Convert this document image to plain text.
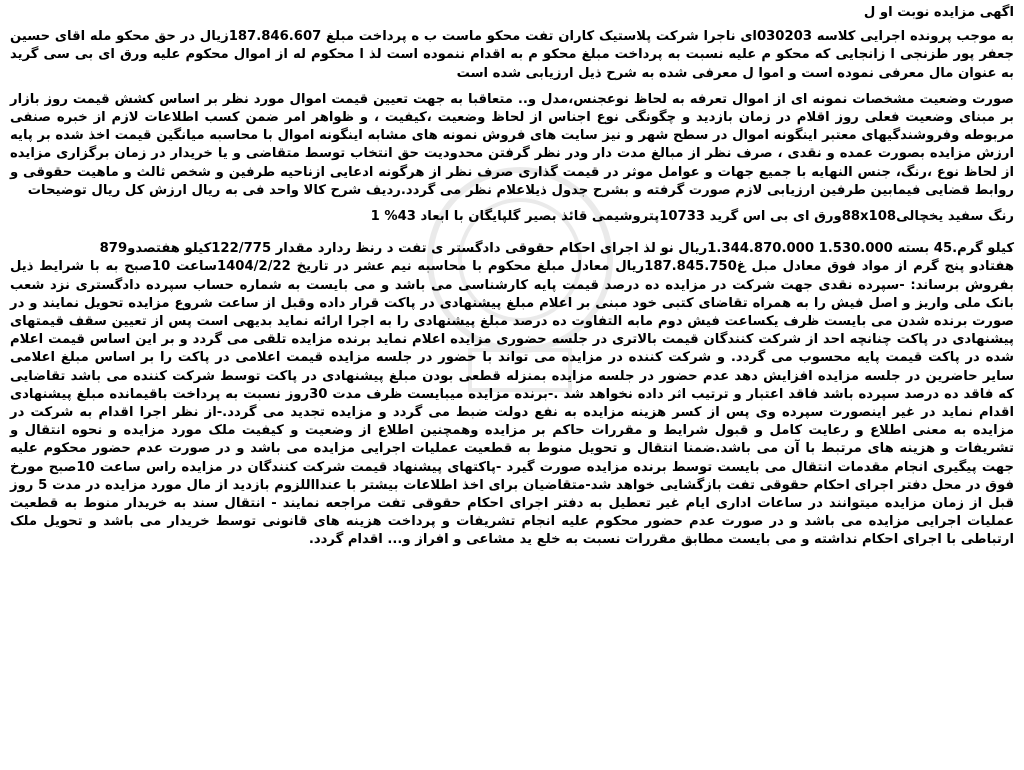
اگهی مزایده نوبت او ل

به موجب پرونده اجرایی کلاسه 030203ای ناجرا شرکت پلاستیک کاران تفت محکو ماست ب ه پرداخت مبلغ 187.846.607زیال در حق محکو مله اقای حسین جعفر پور طزنجی ا زانجایی که محکو م علیه نسبت به پرداخت مبلغ محکو م به اقدام ننموده است لذ ا محکوم له از اموال محکوم علیه ورق ای بی سی گرید به عنوان مال معرفی نموده است و اموا ل معرفی شده به شرح ذیل ارزیابی شده است

صورت وضعیت مشخصات نمونه ای از اموال تعرفه به لحاظ نوعجنس،مدل و.. متعاقبا به جهت تعیین قیمت اموال مورد نظر بر اساس کشش قیمت روز بازار بر مبنای وضعیت فعلی روز اقلام در زمان بازدید و چگونگی نوع اجناس از لحاظ وضعیت ،کیفیت ، و ظواهر امر ضمن کسب اطلاعات لازم از خبره صنفی مربوطه وفروشندگیهای معتبر اینگونه اموال در سطح شهر و نیز سایت های فروش نمونه های مشابه اینگونه اموال با محاسبه میانگین قیمت اخذ شده بر پایه ارزش مزایده بصورت عمده و نقدی ، صرف نظر از مبالغ مدت دار ودر نظر گرفتن محدودیت حق انتخاب توسط متقاضی و یا خریدار در زمان برگزاری مزایده از لحاظ نوع ،رنگ، جنس النهایه با جمیع جهات و عوامل موثر در قیمت گذاری صرف نظر از هرگونه ادعایی ازناحیه طرفین و شخص ثالث و ماهیت حقوقی و روابط قضایی فیمابین طرفین ارزیابی لازم صورت گرفته و بشرح جدول ذیلاعلام نظر می گردد.ردیف شرح کالا واحد فی به ریال ارزش کل ریال توضیحات

رنگ سفید یخچالی88x108ورق ای بی اس گرید 10733پتروشیمی قائذ بصیر گلپایگان با ابعاد 43% 1

کیلو گرم.45 بسته 1.530.000 1.344.870.000ریال نو لذ اجرای احکام حقوقی دادگستر ی تفت د رنظ ردارد مقدار 122/775کیلو هفتصدو879

هفتادو پنج گرم از مواد فوق معادل مبل غ187.845.750ریال معادل مبلغ محکوم با محاسبه نیم عشر در تاریخ 1404/2/22ساعت 10صبح به با شرایط ذیل بفروش برساند: -سپرده نقدی جهت شرکت در مزایده ده درصد قیمت پایه کارشناسی می باشد و می بایست به شماره حساب سپرده دادگستری نزد شعب بانک ملی واریز و اصل فیش را به همراه تقاضای کتبی خود مبنی بر اعلام مبلغ پیشنهادی در پاکت قرار داده وقبل از ساعت شروع مزایده تحویل نمایند و در صورت برنده شدن می بایست ظرف یکساعت فیش دوم مابه التفاوت ده درصد مبلغ پیشنهادی را به اجرا ارائه نماید بدیهی است پس از تعیین سقف قیمتهای پیشنهادی در پاکت چنانچه احد از شرکت کنندگان قیمت بالاتری در جلسه حضوری مزایده اعلام نماید برنده مزایده تلقی می گردد و بر این اساس قیمت اعلام شده در پاکت قیمت پایه محسوب می گردد. و شرکت کننده در مزایده می تواند با حضور در جلسه مزایده قیمت اعلامی در پاکت را بر اساس مبلغ اعلامی سایر حاضرین در جلسه مزایده افزایش دهد عدم حضور در جلسه مزایده بمنزله قطعی بودن مبلغ پیشنهادی در پاکت توسط شرکت کننده می باشد تقاضایی که فاقد ده درصد سپرده باشد فاقد اعتبار و ترتیب اثر داده نخواهد شد .-برنده مزایده میبایست ظرف مدت 30روز نسبت به پرداخت باقیمانده مبلغ پیشنهادی اقدام نماید در غیر اینصورت سپرده وی پس از کسر هزینه مزایده به نفع دولت ضبط می گردد و مزایده تجدید می گردد.-از نظر اجرا اقدام به شرکت در مزایده به معنی اطلاع و رعایت کامل و قبول شرایط و مقررات حاکم بر مزایده وهمچنین اطلاع از وضعیت و کیفیت ملک مورد مزایده و نحوه انتقال و تشریفات و هزینه های مرتبط با آن می باشد.ضمنا انتقال و تحویل منوط به قطعیت عملیات اجرایی مزایده می باشد و در صورت عدم حضور محکوم علیه جهت پیگیری انجام مقدمات انتقال می بایست توسط برنده مزایده صورت گیرد -پاکتهای پیشنهاد قیمت شرکت کنندگان در مزایده راس ساعت 10صبح مورخ فوق در محل دفتر اجرای احکام حقوقی تفت بازگشایی خواهد شد-متقاضیان برای اخذ اطلاعات بیشتر با عندااللزوم بازدید از مال مورد مزایده در مدت 5 روز قبل از زمان مزایده میتوانند در ساعات اداری ایام غیر تعطیل به دفتر اجرای احکام حقوقی تفت مراجعه نمایند - انتقال سند به خریدار منوط به قطعیت عملیات اجرایی مزایده می باشد و در صورت عدم حضور محکوم علیه انجام تشریفات و پرداخت هزینه های قانونی توسط خریدار می باشد و تحویل ملک ارتباطی با اجرای احکام نداشته و می بایست مطابق مقررات نسبت به خلع ید مشاعی و افراز و... اقدام گردد.
